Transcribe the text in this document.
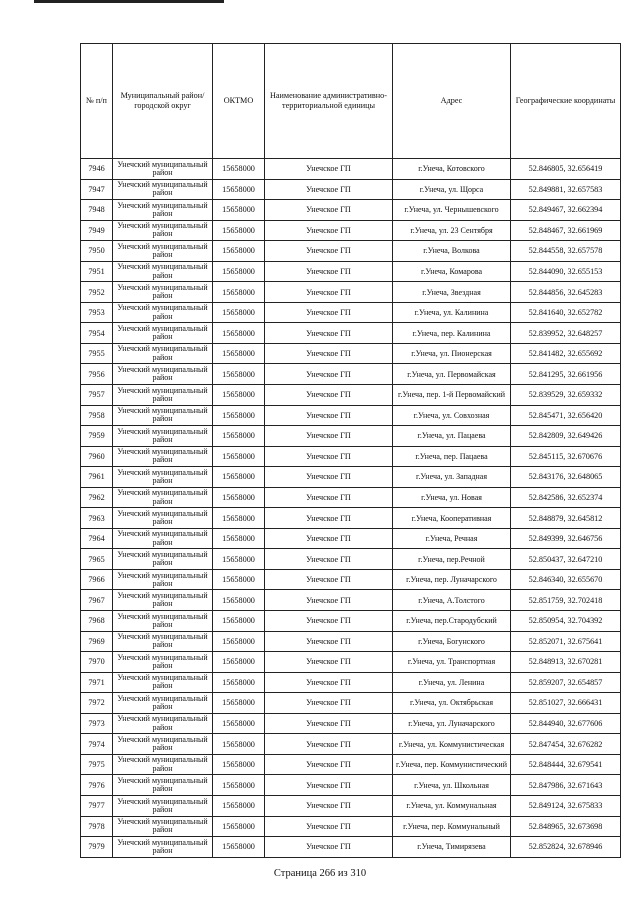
№ п/п	Муниципальный район/городской округ	ОКТМО	Наименование административно-территориальной единицы	Адрес	Географические координаты
7946	Унечский муниципальный район	15658000	Унечское ГП	г.Унеча, Котовского	52.846805, 32.656419
7947	Унечский муниципальный район	15658000	Унечское ГП	г.Унеча, ул. Щорса	52.849881, 32.657583
7948	Унечский муниципальный район	15658000	Унечское ГП	г.Унеча, ул. Чернышевского	52.849467, 32.662394
7949	Унечский муниципальный район	15658000	Унечское ГП	г.Унеча, ул. 23 Сентября	52.848467, 32.661969
7950	Унечский муниципальный район	15658000	Унечское ГП	г.Унеча, Волкова	52.844558, 32.657578
7951	Унечский муниципальный район	15658000	Унечское ГП	г.Унеча, Комарова	52.844090, 32.655153
7952	Унечский муниципальный район	15658000	Унечское ГП	г.Унеча, Звездная	52.844856, 32.645283
7953	Унечский муниципальный район	15658000	Унечское ГП	г.Унеча, ул. Калинина	52.841640, 32.652782
7954	Унечский муниципальный район	15658000	Унечское ГП	г.Унеча, пер. Калинина	52.839952, 32.648257
7955	Унечский муниципальный район	15658000	Унечское ГП	г.Унеча, ул. Пионерская	52.841482, 32.655692
7956	Унечский муниципальный район	15658000	Унечское ГП	г.Унеча, ул. Первомайская	52.841295, 32.661956
7957	Унечский муниципальный район	15658000	Унечское ГП	г.Унеча, пер. 1-й Первомайский	52.839529, 32.659332
7958	Унечский муниципальный район	15658000	Унечское ГП	г.Унеча, ул. Совхозная	52.845471, 32.656420
7959	Унечский муниципальный район	15658000	Унечское ГП	г.Унеча, ул. Пацаева	52.842809, 32.649426
7960	Унечский муниципальный район	15658000	Унечское ГП	г.Унеча, пер. Пацаева	52.845115, 32.670676
7961	Унечский муниципальный район	15658000	Унечское ГП	г.Унеча, ул. Западная	52.843176, 32.648065
7962	Унечский муниципальный район	15658000	Унечское ГП	г.Унеча, ул. Новая	52.842586, 32.652374
7963	Унечский муниципальный район	15658000	Унечское ГП	г.Унеча, Кооперативная	52.848879, 32.645812
7964	Унечский муниципальный район	15658000	Унечское ГП	г.Унеча, Речная	52.849399, 32.646756
7965	Унечский муниципальный район	15658000	Унечское ГП	г.Унеча, пер.Речной	52.850437, 32.647210
7966	Унечский муниципальный район	15658000	Унечское ГП	г.Унеча, пер. Луначарского	52.846340, 32.655670
7967	Унечский муниципальный район	15658000	Унечское ГП	г.Унеча, А.Толстого	52.851759, 32.702418
7968	Унечский муниципальный район	15658000	Унечское ГП	г.Унеча, пер.Стародубский	52.850954, 32.704392
7969	Унечский муниципальный район	15658000	Унечское ГП	г.Унеча, Богунского	52.852071, 32.675641
7970	Унечский муниципальный район	15658000	Унечское ГП	г.Унеча, ул. Транспортная	52.848913, 32.670281
7971	Унечский муниципальный район	15658000	Унечское ГП	г.Унеча, ул. Ленина	52.859207, 32.654857
7972	Унечский муниципальный район	15658000	Унечское ГП	г.Унеча, ул. Октябрьская	52.851027, 32.666431
7973	Унечский муниципальный район	15658000	Унечское ГП	г.Унеча, ул. Луначарского	52.844940, 32.677606
7974	Унечский муниципальный район	15658000	Унечское ГП	г.Унеча, ул. Коммунистическая	52.847454, 32.676282
7975	Унечский муниципальный район	15658000	Унечское ГП	г.Унеча, пер. Коммунистический	52.848444, 32.679541
7976	Унечский муниципальный район	15658000	Унечское ГП	г.Унеча, ул. Школьная	52.847986, 32.671643
7977	Унечский муниципальный район	15658000	Унечское ГП	г.Унеча, ул. Коммунальная	52.849124, 32.675833
7978	Унечский муниципальный район	15658000	Унечское ГП	г.Унеча, пер. Коммунальный	52.848965, 32.673698
7979	Унечский муниципальный район	15658000	Унечское ГП	г.Унеча, Тимирязева	52.852824, 32.678946
Страница 266 из 310
